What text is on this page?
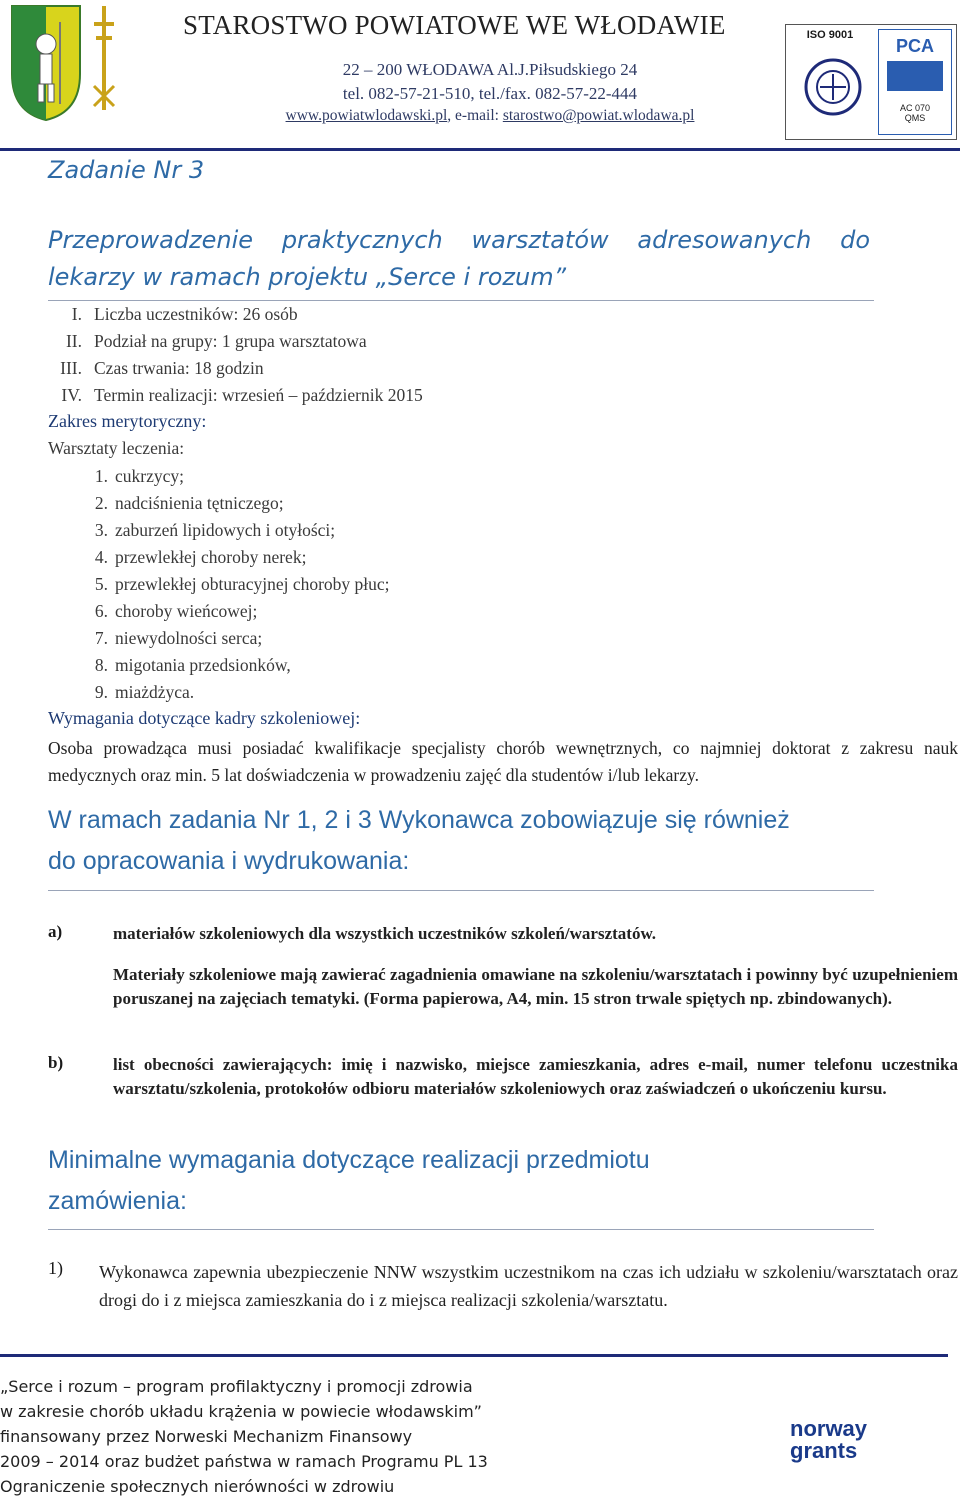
STAROSTWO POWIATOWE WE WŁODAWIE
22 – 200 WŁODAWA Al.J.Piłsudskiego 24
tel. 082-57-21-510, tel./fax. 082-57-22-444
www.powiatwlodawski.pl, e-mail: starostwo@powiat.wlodawa.pl
ISO 9001
PCA
AC 070
QMS
Zadanie Nr 3
Przeprowadzenie praktycznych warsztatów adresowanych do lekarzy w ramach projektu „Serce i rozum”
I. Liczba uczestników: 26 osób
II. Podział na grupy: 1 grupa warsztatowa
III. Czas trwania: 18 godzin
IV. Termin realizacji: wrzesień – październik 2015
Zakres merytoryczny:
Warsztaty leczenia:
1. cukrzycy;
2. nadciśnienia tętniczego;
3. zaburzeń lipidowych i otyłości;
4. przewlekłej choroby nerek;
5. przewlekłej obturacyjnej choroby płuc;
6. choroby wieńcowej;
7. niewydolności serca;
8. migotania przedsionków,
9. miażdżyca.
Wymagania dotyczące kadry szkoleniowej:
Osoba prowadząca musi posiadać kwalifikacje specjalisty chorób wewnętrznych, co najmniej doktorat z zakresu nauk medycznych oraz min. 5 lat doświadczenia w prowadzeniu zajęć dla studentów i/lub lekarzy.
W ramach zadania Nr 1, 2 i 3 Wykonawca zobowiązuje się również
do opracowania i wydrukowania:
a)	materiałów szkoleniowych dla wszystkich uczestników szkoleń/warsztatów.
Materiały szkoleniowe mają zawierać zagadnienia omawiane na szkoleniu/warsztatach i powinny być uzupełnieniem poruszanej na zajęciach tematyki. (Forma papierowa, A4, min. 15 stron trwale spiętych np. zbindowanych).
b)	list obecności zawierających: imię i nazwisko, miejsce zamieszkania, adres e-mail, numer telefonu uczestnika warsztatu/szkolenia, protokołów odbioru materiałów szkoleniowych oraz zaświadczeń o ukończeniu kursu.
Minimalne wymagania dotyczące realizacji przedmiotu
zamówienia:
1) Wykonawca zapewnia ubezpieczenie NNW wszystkim uczestnikom na czas ich udziału w szkoleniu/warsztatach oraz drogi do i z miejsca zamieszkania do i z miejsca realizacji szkolenia/warsztatu.
„Serce i rozum – program profilaktyczny i promocji zdrowia
w zakresie chorób układu krążenia w powiecie włodawskim”
finansowany przez Norweski Mechanizm Finansowy
2009 – 2014 oraz budżet państwa w ramach Programu PL 13
Ograniczenie społecznych nierówności w zdrowiu
norway
grants
